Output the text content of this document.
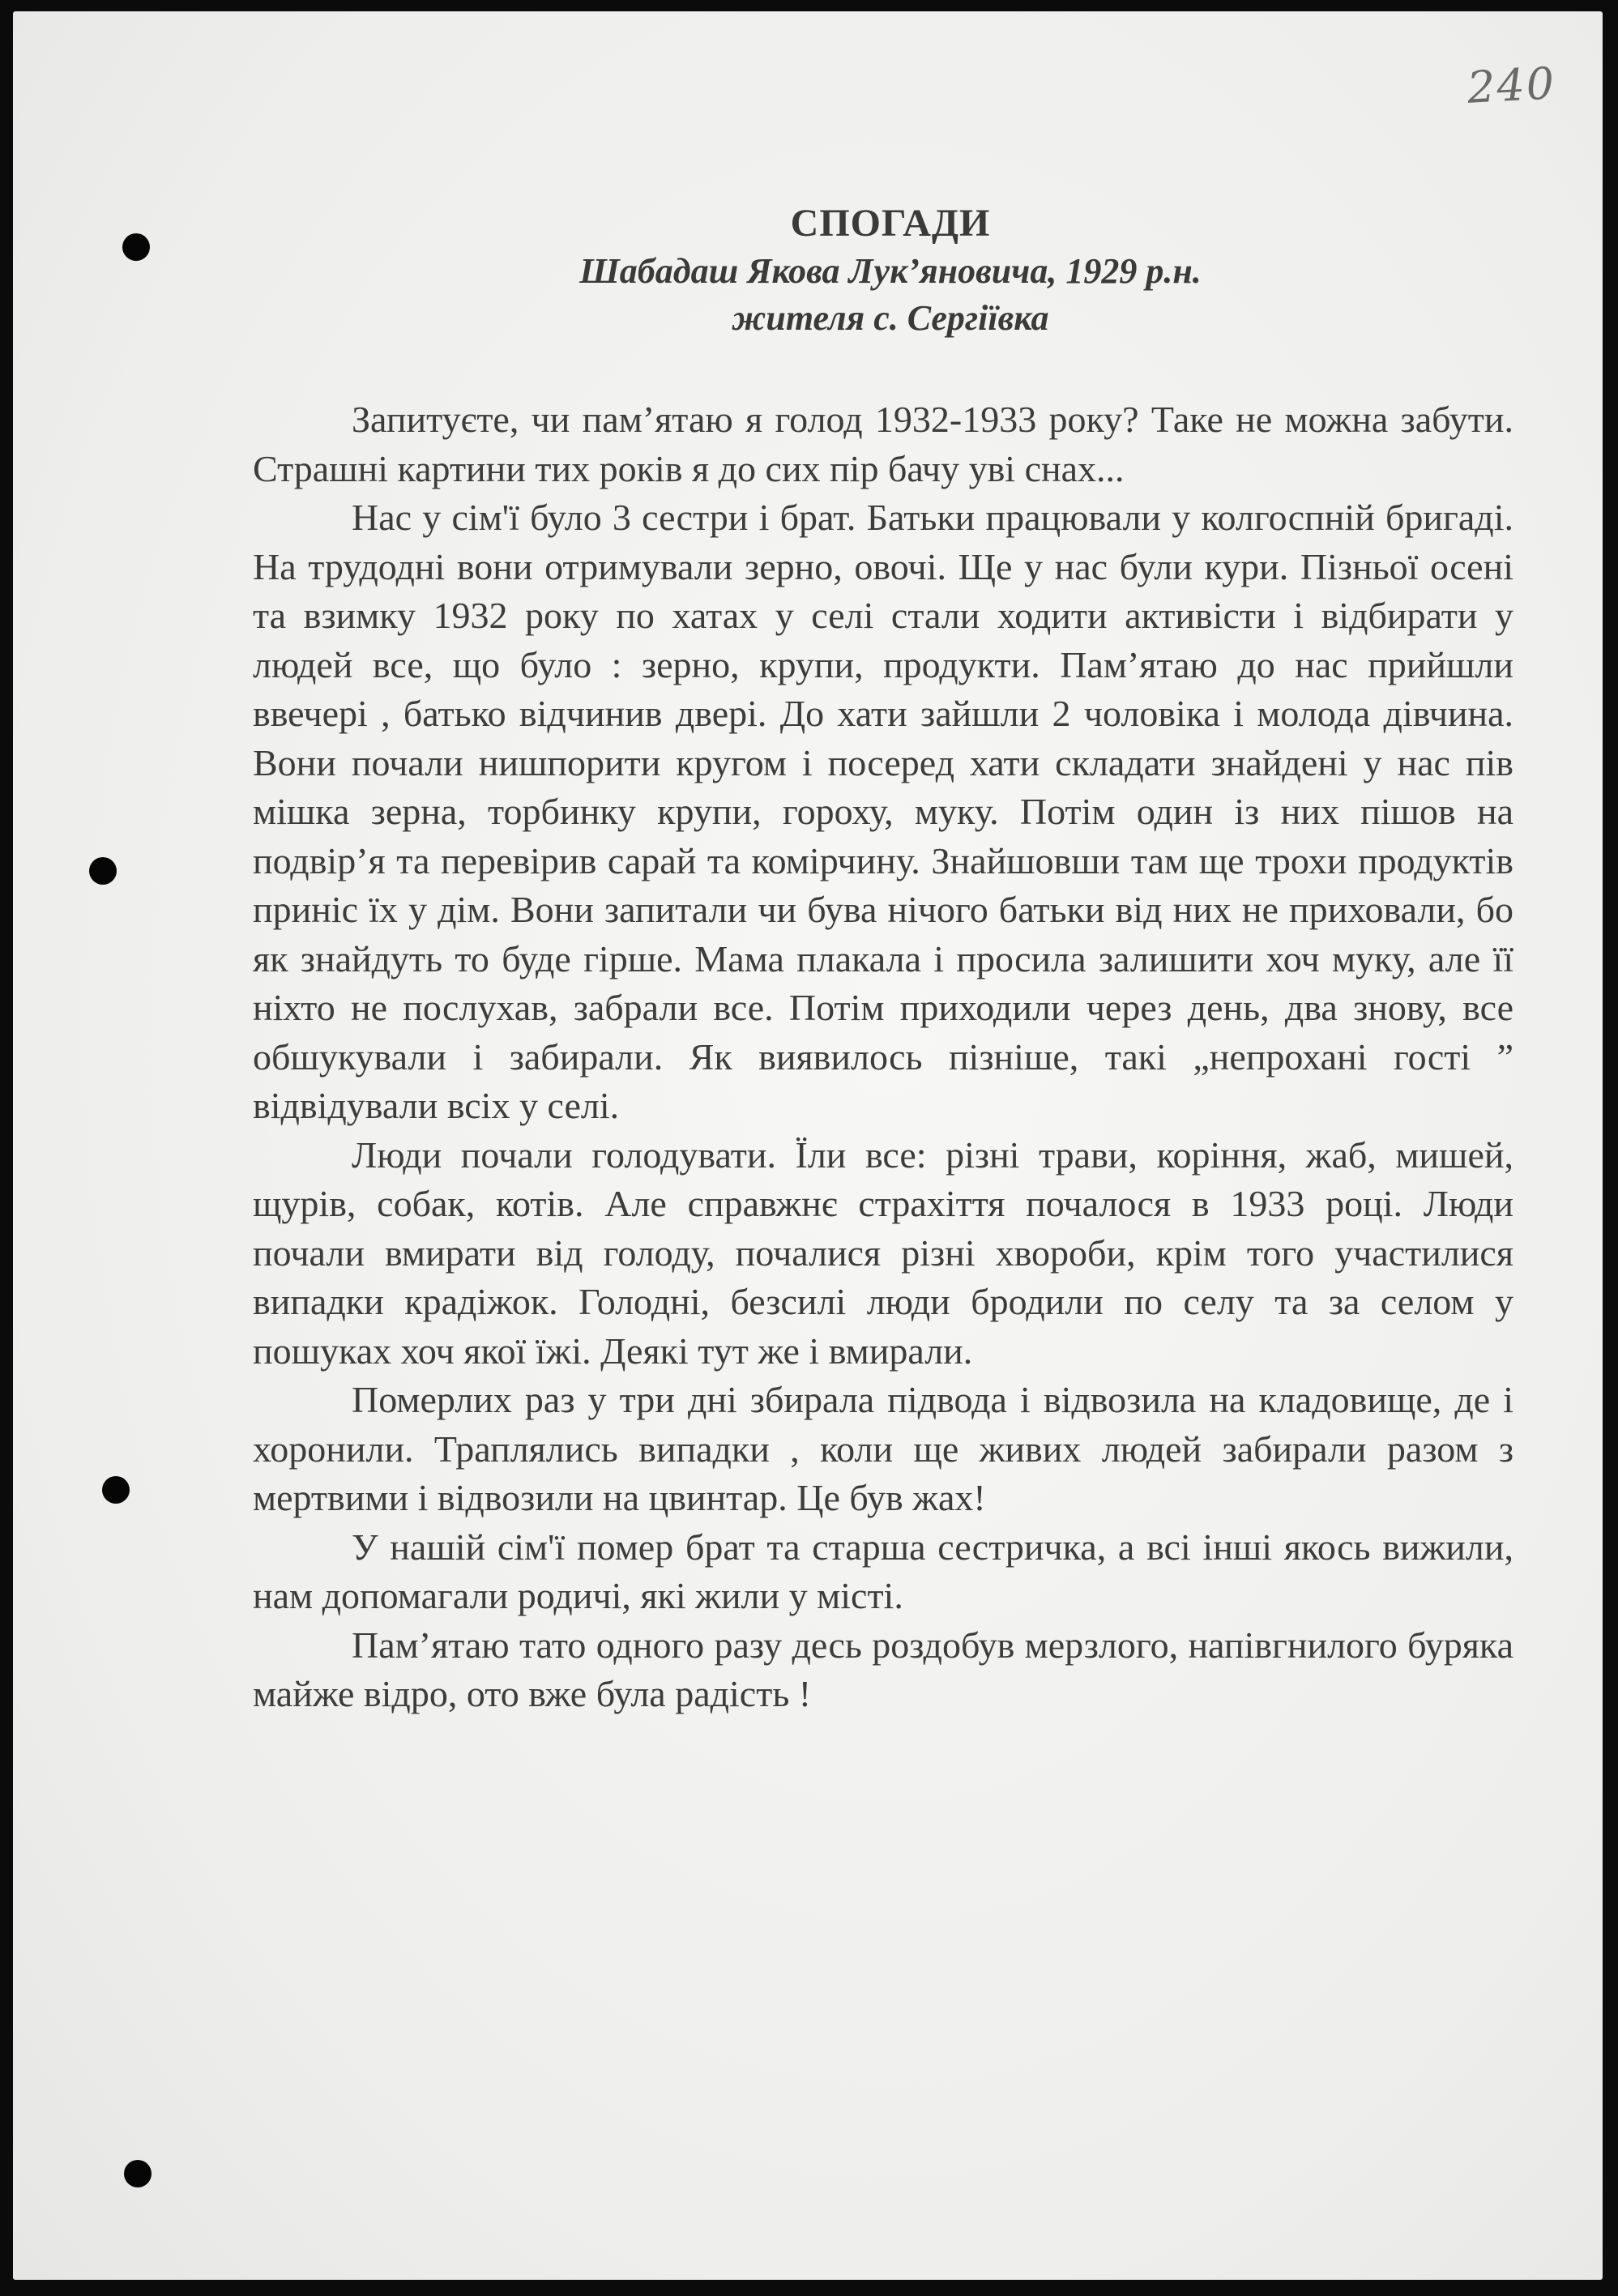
240
СПОГАДИ
Шабадаш Якова Лук’яновича, 1929 р.н.
жителя с. Сергіївка

Запитуєте, чи пам’ятаю я голод 1932-1933 року? Таке не можна забути. Страшні картини тих років я до сих пір бачу уві снах...

Нас у сім'ї було 3 сестри і брат. Батьки працювали у колгоспній бригаді. На трудодні вони отримували зерно, овочі. Ще у нас були кури. Пізньої осені та взимку 1932 року по хатах у селі стали ходити активісти і відбирати у людей все, що було : зерно, крупи, продукти. Пам’ятаю до нас прийшли ввечері , батько відчинив двері. До хати зайшли 2 чоловіка і молода дівчина. Вони почали нишпорити кругом і посеред хати складати знайдені у нас пів мішка зерна, торбинку крупи, гороху, муку. Потім один із них пішов на подвір’я та перевірив сарай та комірчину. Знайшовши там ще трохи продуктів приніс їх у дім. Вони запитали чи бува нічого батьки від них не приховали, бо як знайдуть то буде гірше. Мама плакала і просила залишити хоч муку, але її ніхто не послухав, забрали все. Потім приходили через день, два знову, все обшукували і забирали. Як виявилось пізніше, такі „непрохані гості ” відвідували всіх у селі.

Люди почали голодувати. Їли все: різні трави, коріння, жаб, мишей, щурів, собак, котів. Але справжнє страхіття почалося в 1933 році. Люди почали вмирати від голоду, почалися різні хвороби, крім того участилися випадки крадіжок. Голодні, безсилі люди бродили по селу та за селом у пошуках хоч якої їжі. Деякі тут же і вмирали.

Померлих раз у три дні збирала підвода і відвозила на кладовище, де і хоронили. Траплялись випадки , коли ще живих людей забирали разом з мертвими і відвозили на цвинтар. Це був жах!

У нашій сім'ї помер брат та старша сестричка, а всі інші якось вижили, нам допомагали родичі, які жили у місті.

Пам’ятаю тато одного разу десь роздобув мерзлого, напівгнилого буряка майже відро, ото вже була радість !
